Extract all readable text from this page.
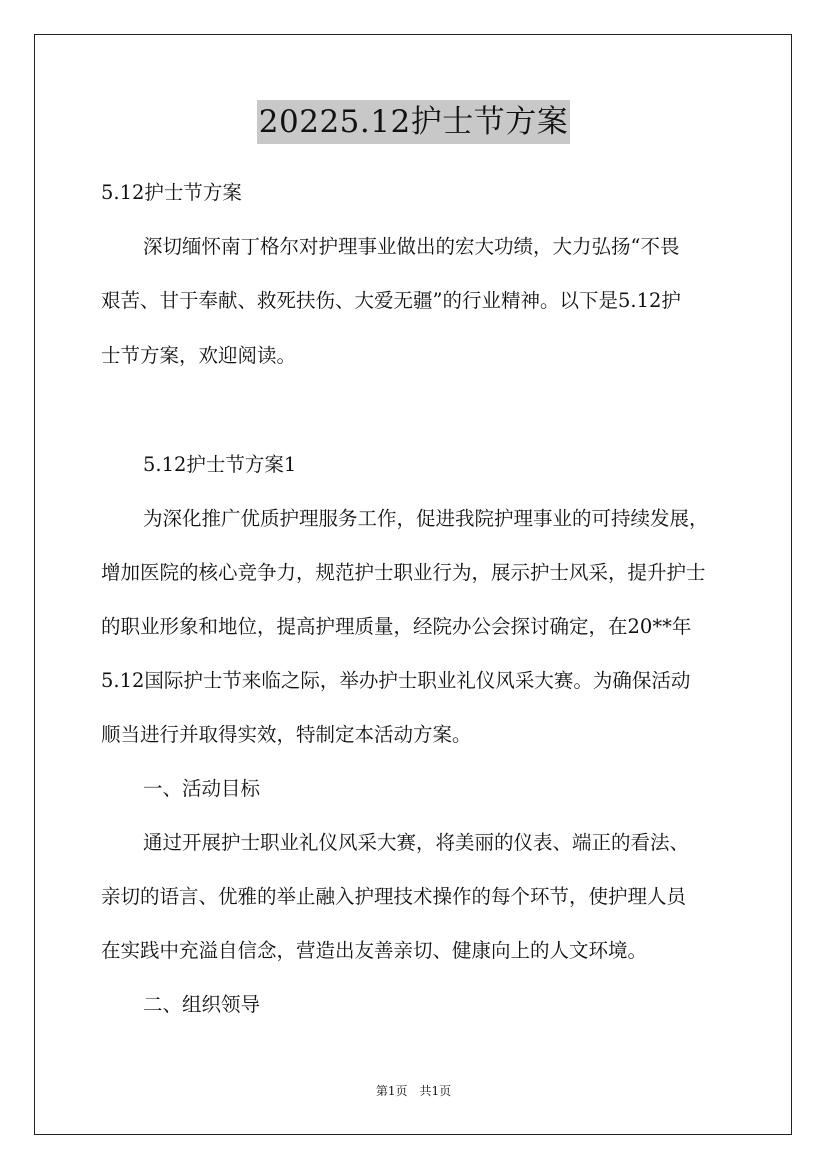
20225.12护士节方案
5.12护士节方案
深切缅怀南丁格尔对护理事业做出的宏大功绩，大力弘扬“不畏
艰苦、甘于奉献、救死扶伤、大爱无疆”的行业精神。以下是5.12护
士节方案，欢迎阅读。
5.12护士节方案1
为深化推广优质护理服务工作，促进我院护理事业的可持续发展，
增加医院的核心竞争力，规范护士职业行为，展示护士风采，提升护士
的职业形象和地位，提高护理质量，经院办公会探讨确定，在20**年
5.12国际护士节来临之际，举办护士职业礼仪风采大赛。为确保活动
顺当进行并取得实效，特制定本活动方案。
一、活动目标
通过开展护士职业礼仪风采大赛，将美丽的仪表、端正的看法、
亲切的语言、优雅的举止融入护理技术操作的每个环节，使护理人员
在实践中充溢自信念，营造出友善亲切、健康向上的人文环境。
二、组织领导
第1页　共1页
